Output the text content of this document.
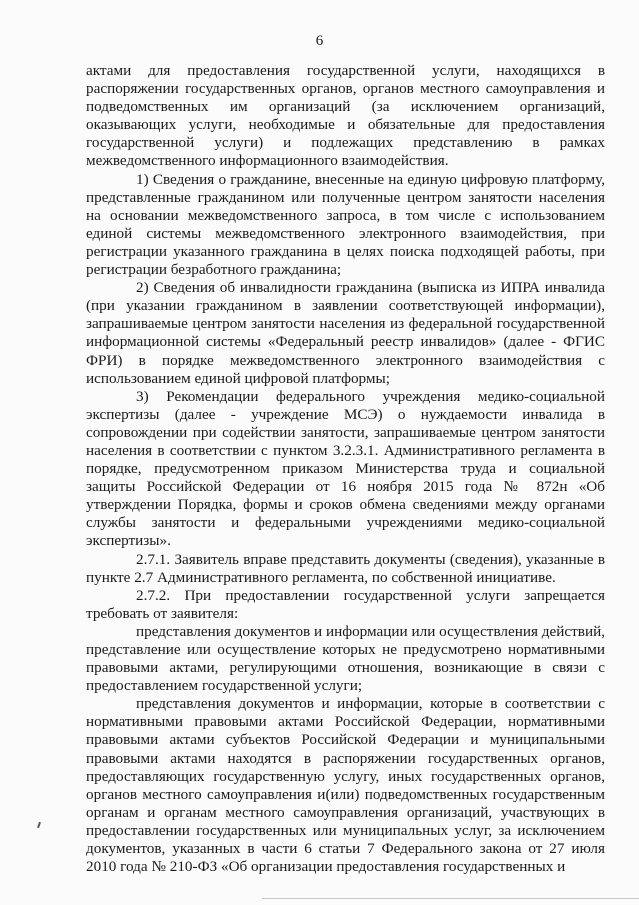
6

актами для предоставления государственной услуги, находящихся в распоряжении государственных органов, органов местного самоуправления и подведомственных им организаций (за исключением организаций, оказывающих услуги, необходимые и обязательные для предоставления государственной услуги) и подлежащих представлению в рамках межведомственного информационного взаимодействия.

1) Сведения о гражданине, внесенные на единую цифровую платформу, представленные гражданином или полученные центром занятости населения на основании межведомственного запроса, в том числе с использованием единой системы межведомственного электронного взаимодействия, при регистрации указанного гражданина в целях поиска подходящей работы, при регистрации безработного гражданина;

2) Сведения об инвалидности гражданина (выписка из ИПРА инвалида (при указании гражданином в заявлении соответствующей информации), запрашиваемые центром занятости населения из федеральной государственной информационной системы «Федеральный реестр инвалидов» (далее - ФГИС ФРИ) в порядке межведомственного электронного взаимодействия с использованием единой цифровой платформы;

3) Рекомендации федерального учреждения медико-социальной экспертизы (далее - учреждение МСЭ) о нуждаемости инвалида в сопровождении при содействии занятости, запрашиваемые центром занятости населения в соответствии с пунктом 3.2.3.1. Административного регламента в порядке, предусмотренном приказом Министерства труда и социальной защиты Российской Федерации от 16 ноября 2015 года № 872н «Об утверждении Порядка, формы и сроков обмена сведениями между органами службы занятости и федеральными учреждениями медико-социальной экспертизы».

2.7.1. Заявитель вправе представить документы (сведения), указанные в пункте 2.7 Административного регламента, по собственной инициативе.

2.7.2. При предоставлении государственной услуги запрещается требовать от заявителя:

представления документов и информации или осуществления действий, представление или осуществление которых не предусмотрено нормативными правовыми актами, регулирующими отношения, возникающие в связи с предоставлением государственной услуги;

представления документов и информации, которые в соответствии с нормативными правовыми актами Российской Федерации, нормативными правовыми актами субъектов Российской Федерации и муниципальными правовыми актами находятся в распоряжении государственных органов, предоставляющих государственную услугу, иных государственных органов, органов местного самоуправления и(или) подведомственных государственным органам и органам местного самоуправления организаций, участвующих в предоставлении государственных или муниципальных услуг, за исключением документов, указанных в части 6 статьи 7 Федерального закона от 27 июля 2010 года № 210-ФЗ «Об организации предоставления государственных и
